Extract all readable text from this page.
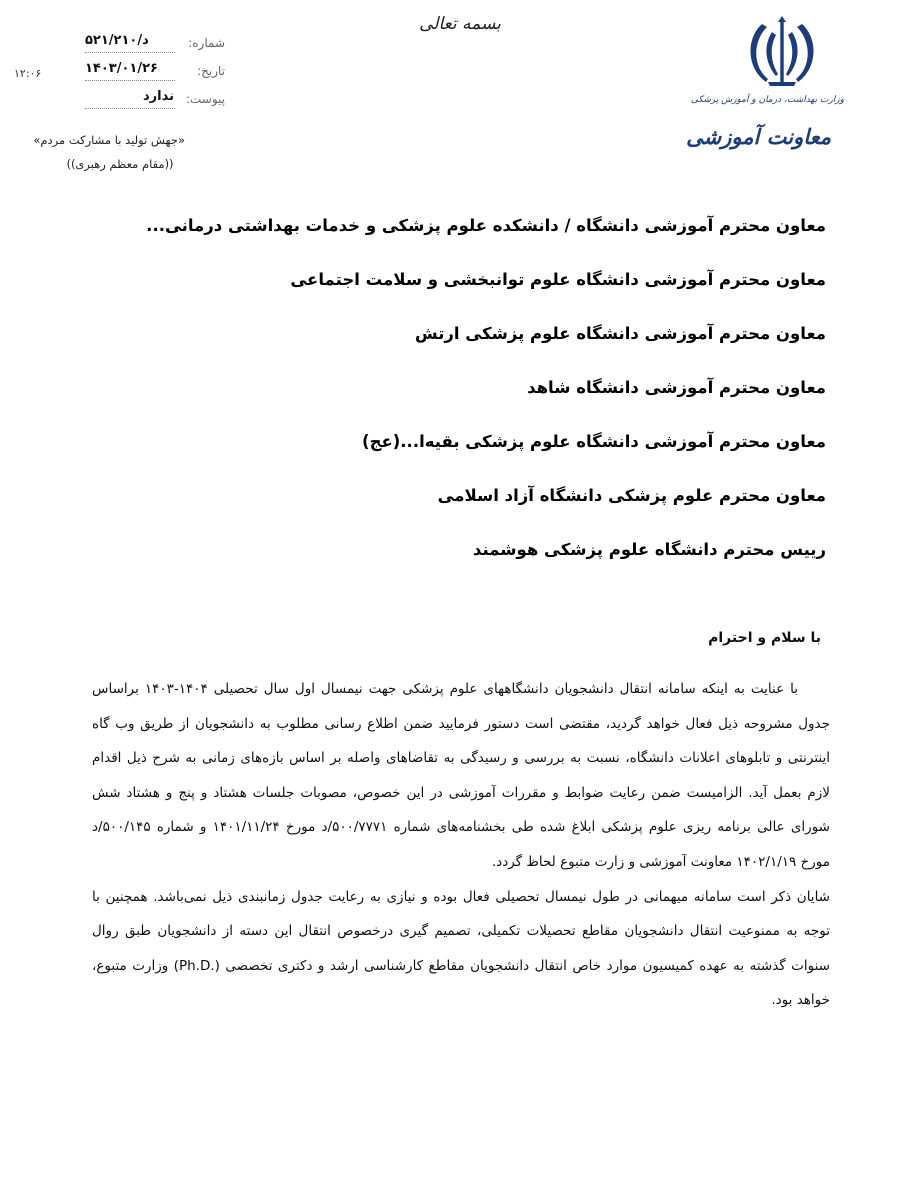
بسمه تعالی
وزارت بهداشت، درمان و آموزش پزشکی
معاونت آموزشی
شماره:
۵۲۱/۲۱۰/د
تاریخ:
۱۴۰۳/۰۱/۲۶
پیوست:
ندارد
۱۲:۰۶
«جهش تولید با مشارکت مردم»
((مقام معظم رهبری))
معاون محترم آموزشی دانشگاه / دانشکده علوم پزشکی و خدمات بهداشتی درمانی...
معاون محترم آموزشی دانشگاه علوم توانبخشی و سلامت اجتماعی
معاون محترم آموزشی دانشگاه علوم پزشکی ارتش
معاون محترم آموزشی دانشگاه شاهد
معاون محترم آموزشی دانشگاه علوم پزشکی بقیه‌ا...(عج)
معاون محترم علوم پزشکی دانشگاه آزاد اسلامی
رییس محترم دانشگاه علوم پزشکی هوشمند
با سلام و احترام

با عنایت به اینکه سامانه انتقال دانشجویان دانشگاههای علوم پزشکی جهت نیمسال اول سال تحصیلی ۱۴۰۴-۱۴۰۳ براساس جدول مشروحه ذیل فعال خواهد گردید، مقتضی است دستور فرمایید ضمن اطلاع رسانی مطلوب به دانشجویان از طریق وب گاه اینترنتی و تابلوهای اعلانات دانشگاه، نسبت به بررسی و رسیدگی به تقاضاهای واصله بر اساس بازه‌های زمانی به شرح ذیل اقدام لازم بعمل آید. الزامیست ضمن رعایت ضوابط و مقررات آموزشی در این خصوص، مصوبات جلسات هشتاد و پنج و هشتاد شش شورای عالی برنامه ریزی علوم پزشکی ابلاغ شده طی بخشنامه‌های شماره ۵۰۰/۷۷۷۱/د مورخ ۱۴۰۱/۱۱/۲۴ و شماره ۵۰۰/۱۴۵/د مورخ ۱۴۰۲/۱/۱۹ معاونت آموزشی و زارت متبوع لحاظ گردد.

شایان ذکر است سامانه میهمانی در طول نیمسال تحصیلی فعال بوده و نیازی به رعایت جدول زمانبندی ذیل نمی‌باشد. همچنین با توجه به ممنوعیت انتقال دانشجویان مقاطع تحصیلات تکمیلی، تصمیم گیری درخصوص انتقال این دسته از دانشجویان طبق روال سنوات گذشته به عهده کمیسیون موارد خاص انتقال دانشجویان مقاطع کارشناسی ارشد و دکتری تخصصی (.Ph.D) وزارت متبوع، خواهد بود.
